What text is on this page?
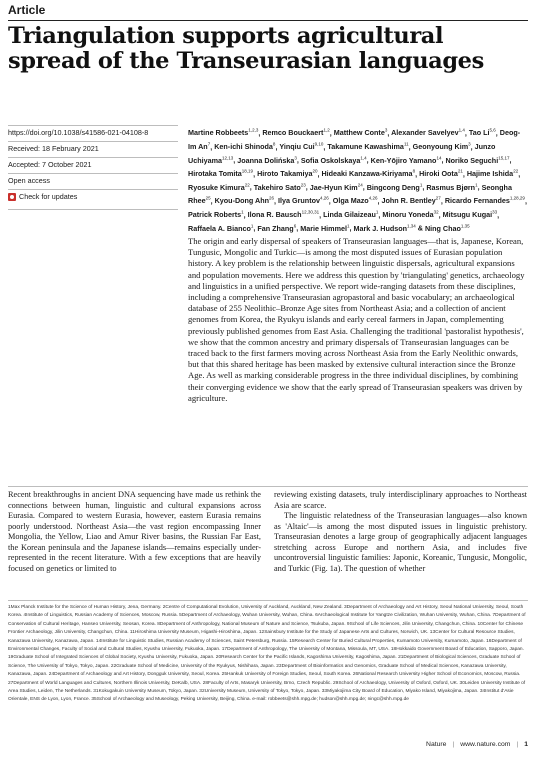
Article
Triangulation supports agricultural spread of the Transeurasian languages
https://doi.org/10.1038/s41586-021-04108-8
Received: 18 February 2021
Accepted: 7 October 2021
Open access
Check for updates

Martine Robbeets$^{1,2,3}$, Remco Bouckaert$^{1,2}$, Matthew Conte$^3$, Alexander Savelyev$^{1,4}$, Tao Li$^{5,6}$, Deog-Im An$^7$, Ken-ichi Shinoda$^8$, Yinqiu Cui$^{9,10}$, Takamune Kawashima$^{11}$, Geonyoung Kim$^3$, Junzo Uchiyama$^{12,13}$, Joanna Dolińska$^3$, Sofia Oskolskaya$^{1,4}$, Ken-Yōjiro Yamano$^{14}$, Noriko Seguchi$^{15,17}$, Hirotaka Tomita$^{18,19}$, Hiroto Takamiya$^{20}$, Hideaki Kanzawa-Kiriyama$^8$, Hiroki Oota$^{21}$, Hajime Ishida$^{22}$, Ryosuke Kimura$^{22}$, Takehiro Sato$^{23}$, Jae-Hyun Kim$^{24}$, Bingcong Deng$^1$, Rasmus Bjørn$^1$, Seongha Rhee$^{25}$, Kyou-Dong Ahn$^{26}$, Ilya Gruntov$^{4,26}$, Olga Mazo$^{4,26}$, John R. Bentley$^{27}$, Ricardo Fernandes$^{1,28,29}$, Patrick Roberts$^1$, Ilona R. Bausch$^{12,30,31}$, Linda Gilaizeau$^1$, Minoru Yoneda$^{32}$, Mitsugu Kugai$^{33}$, Raffaela A. Bianco$^1$, Fan Zhang$^6$, Marie Himmel$^1$, Mark J. Hudson$^{1,34}$ & Ning Chao$^{1,35}$

The origin and early dispersal of speakers of Transeurasian languages—that is, Japanese, Korean, Tungusic, Mongolic and Turkic—is among the most disputed issues of Eurasian population history. A key problem is the relationship between linguistic dispersals, agricultural expansions and population movements. Here we address this question by 'triangulating' genetics, archaeology and linguistics in a unified perspective. We report wide-ranging datasets from these disciplines, including a comprehensive Transeurasian agropastoral and basic vocabulary; an archaeological database of 255 Neolithic–Bronze Age sites from Northeast Asia; and a collection of ancient genomes from Korea, the Ryukyu islands and early cereal farmers in Japan, complementing previously published genomes from East Asia. Challenging the traditional 'pastoralist hypothesis', we show that the common ancestry and primary dispersals of Transeurasian languages can be traced back to the first farmers moving across Northeast Asia from the Early Neolithic onwards, but that this shared heritage has been masked by extensive cultural interaction since the Bronze Age. As well as marking considerable progress in the three individual disciplines, by combining their converging evidence we show that the early spread of Transeurasian speakers was driven by agriculture.

Recent breakthroughs in ancient DNA sequencing have made us rethink the connections between human, linguistic and cultural expansions across Eurasia. Compared to western Eurasia, however, eastern Eurasia remains poorly understood. Northeast Asia—the vast region encompassing Inner Mongolia, the Yellow, Liao and Amur River basins, the Russian Far East, the Korean peninsula and the Japanese islands—remains especially under-represented in the recent literature. With a few exceptions that are heavily focused on genetics or limited to

reviewing existing datasets, truly interdisciplinary approaches to Northeast Asia are scarce.

The linguistic relatedness of the Transeurasian languages—also known as 'Altaic'—is among the most disputed issues in linguistic prehistory. Transeurasian denotes a large group of geographically adjacent languages stretching across Europe and northern Asia, and includes five uncontroversial linguistic families: Japonic, Koreanic, Tungusic, Mongolic, and Turkic (Fig. 1a). The question of whether

1Max Planck Institute for the Science of Human History, Jena, Germany. 2Centre of Computational Evolution, University of Auckland, Auckland, New Zealand. 3Department of Archaeology and Art History, Seoul National University, Seoul, South Korea. 4Institute of Linguistics, Russian Academy of Sciences, Moscow, Russia. 5Department of Archaeology, Wuhan University, Wuhan, China. 6Archaeological Institute for Yangtze Civilization, Wuhan University, Wuhan, China. 7Department of Conservation of Cultural Heritage, Hanseo University, Seosan, Korea. 8Department of Anthropology, National Museum of Nature and Science, Tsukuba, Japan. 9School of Life Sciences, Jilin University, Changchun, China. 10Center for Chinese Frontier Archaeology, Jilin University, Changchun, China. 11Hiroshima University Museum, Higashi-Hiroshima, Japan. 12Sainsbury Institute for the Study of Japanese Arts and Cultures, Norwich, UK. 13Center for Cultural Resource Studies, Kanazawa University, Kanazawa, Japan. 14Institute for Linguistic Studies, Russian Academy of Sciences, Saint Petersburg, Russia. 15Research Center for Buried Cultural Properties, Kumamoto University, Kumamoto, Japan. 16Department of Environmental Changes, Faculty of Social and Cultural Studies, Kyushu University, Fukuoka, Japan. 17Department of Anthropology, The University of Montana, Missoula, MT, USA. 18Hokkaido Government Board of Education, Sapporo, Japan. 19Graduate School of Integrated Sciences of Global Society, Kyushu University, Fukuoka, Japan. 20Research Center for the Pacific Islands, Kagoshima University, Kagoshima, Japan. 21Department of Biological Sciences, Graduate School of Science, The University of Tokyo, Tokyo, Japan. 22Graduate School of Medicine, University of the Ryukyus, Nishihara, Japan. 23Department of Bioinformatics and Genomics, Graduate School of Medical Sciences, Kanazawa University, Kanazawa, Japan. 24Department of Archaeology and Art History, Dongguk University, Seoul, Korea. 25Hankuk University of Foreign Studies, Seoul, South Korea. 26National Research University Higher School of Economics, Moscow, Russia. 27Department of World Languages and Cultures, Northern Illinois University, DeKalb, USA. 28Faculty of Arts, Masaryk University, Brno, Czech Republic. 29School of Archaeology, University of Oxford, Oxford, UK. 30Leiden University Institute of Area Studies, Leiden, The Netherlands. 31Kokugakuin University Museum, Tokyo, Japan. 32University Museum, University of Tokyo, Tokyo, Japan. 33Miyakojima City Board of Education, Miyako Island, Miyakojima, Japan. 34Institut d'Asie Orientale, ENS de Lyon, Lyon, France. 35School of Archaeology and Museology, Peking University, Beijing, China. e-mail: robbeets@shh.mpg.de; hudson@shh.mpg.de; ningc@shh.mpg.de

Nature | www.nature.com | 1
